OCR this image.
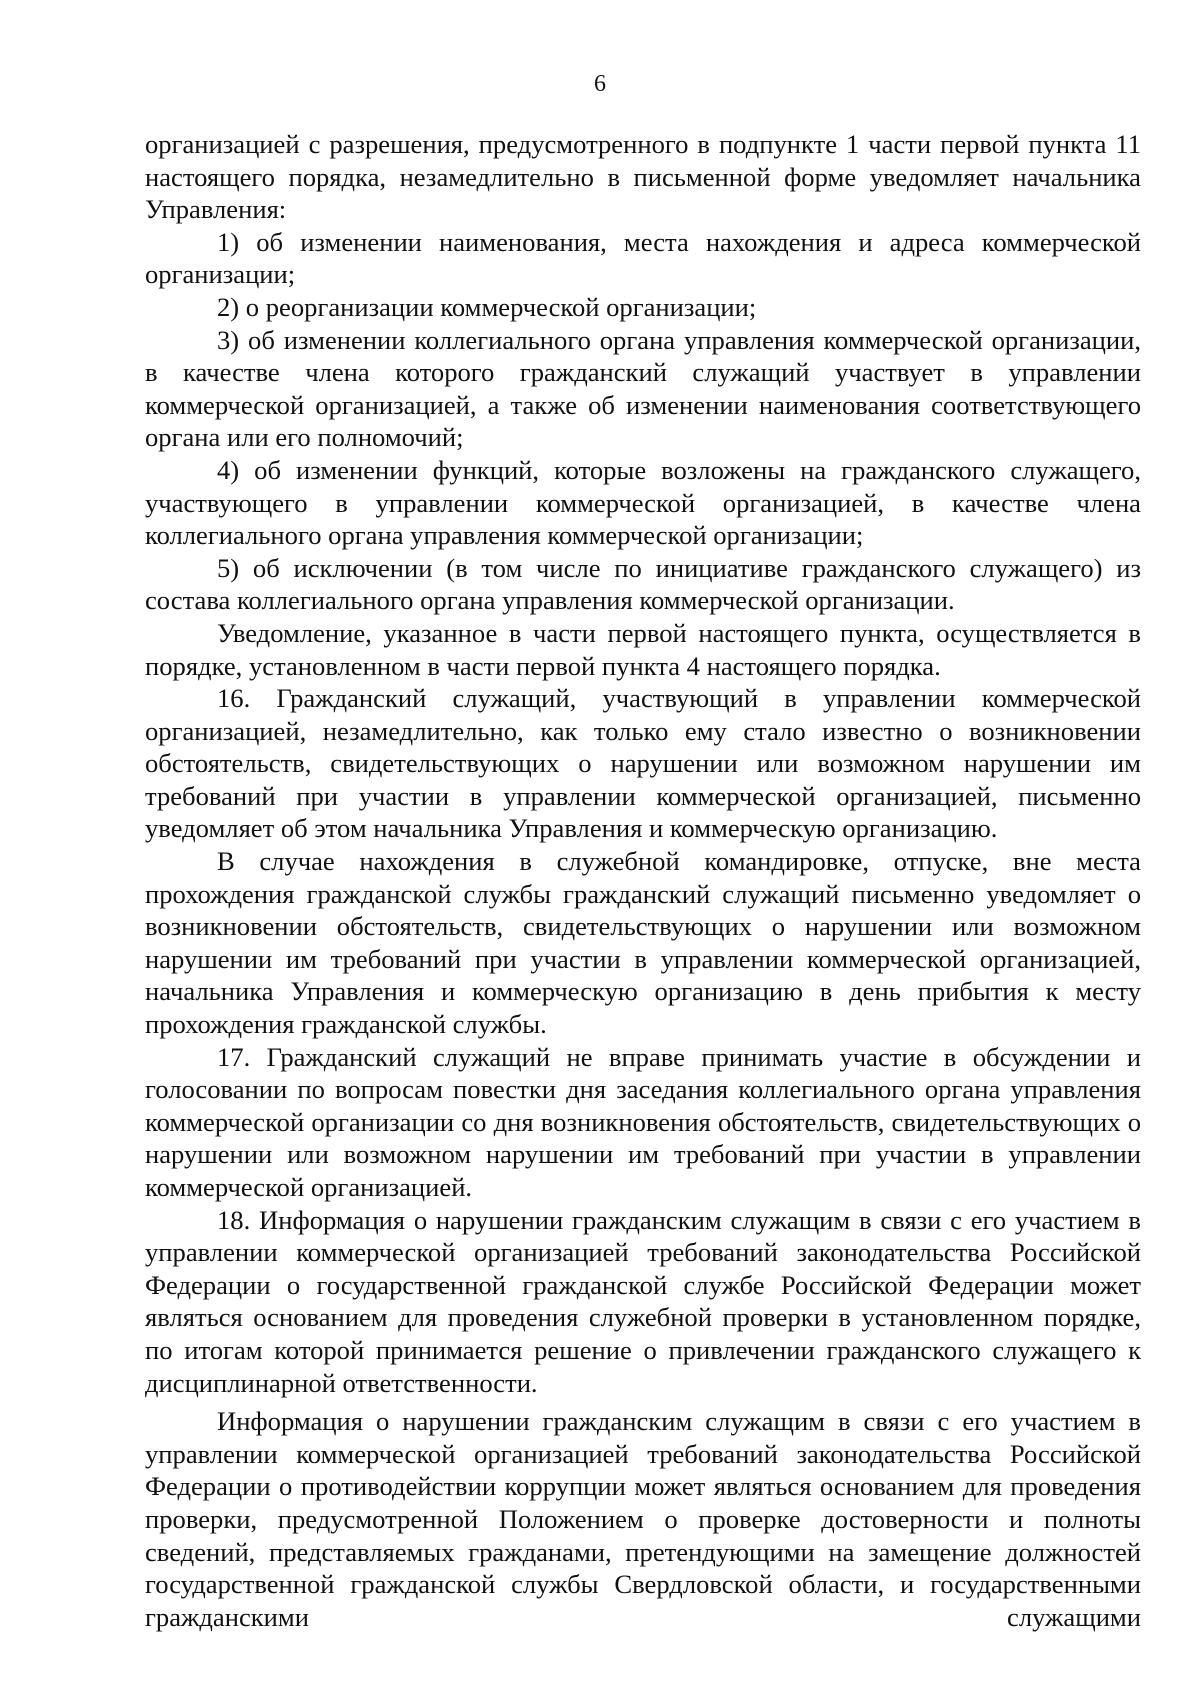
6

организацией с разрешения, предусмотренного в подпункте 1 части первой пункта 11 настоящего порядка, незамедлительно в письменной форме уведомляет начальника Управления:

1) об изменении наименования, места нахождения и адреса коммерческой организации;

2) о реорганизации коммерческой организации;

3) об изменении коллегиального органа управления коммерческой организации, в качестве члена которого гражданский служащий участвует в управлении коммерческой организацией, а также об изменении наименования соответствующего органа или его полномочий;

4) об изменении функций, которые возложены на гражданского служащего, участвующего в управлении коммерческой организацией, в качестве члена коллегиального органа управления коммерческой организации;

5) об исключении (в том числе по инициативе гражданского служащего) из состава коллегиального органа управления коммерческой организации.

Уведомление, указанное в части первой настоящего пункта, осуществляется в порядке, установленном в части первой пункта 4 настоящего порядка.

16. Гражданский служащий, участвующий в управлении коммерческой организацией, незамедлительно, как только ему стало известно о возникновении обстоятельств, свидетельствующих о нарушении или возможном нарушении им требований при участии в управлении коммерческой организацией, письменно уведомляет об этом начальника Управления и коммерческую организацию.

В случае нахождения в служебной командировке, отпуске, вне места прохождения гражданской службы гражданский служащий письменно уведомляет о возникновении обстоятельств, свидетельствующих о нарушении или возможном нарушении им требований при участии в управлении коммерческой организацией, начальника Управления и коммерческую организацию в день прибытия к месту прохождения гражданской службы.

17. Гражданский служащий не вправе принимать участие в обсуждении и голосовании по вопросам повестки дня заседания коллегиального органа управления коммерческой организации со дня возникновения обстоятельств, свидетельствующих о нарушении или возможном нарушении им требований при участии в управлении коммерческой организацией.

18. Информация о нарушении гражданским служащим в связи с его участием в управлении коммерческой организацией требований законодательства Российской Федерации о государственной гражданской службе Российской Федерации может являться основанием для проведения служебной проверки в установленном порядке, по итогам которой принимается решение о привлечении гражданского служащего к дисциплинарной ответственности.

Информация о нарушении гражданским служащим в связи с его участием в управлении коммерческой организацией требований законодательства Российской Федерации о противодействии коррупции может являться основанием для проведения проверки, предусмотренной Положением о проверке достоверности и полноты сведений, представляемых гражданами, претендующими на замещение должностей государственной гражданской службы Свердловской области, и государственными гражданскими служащими
